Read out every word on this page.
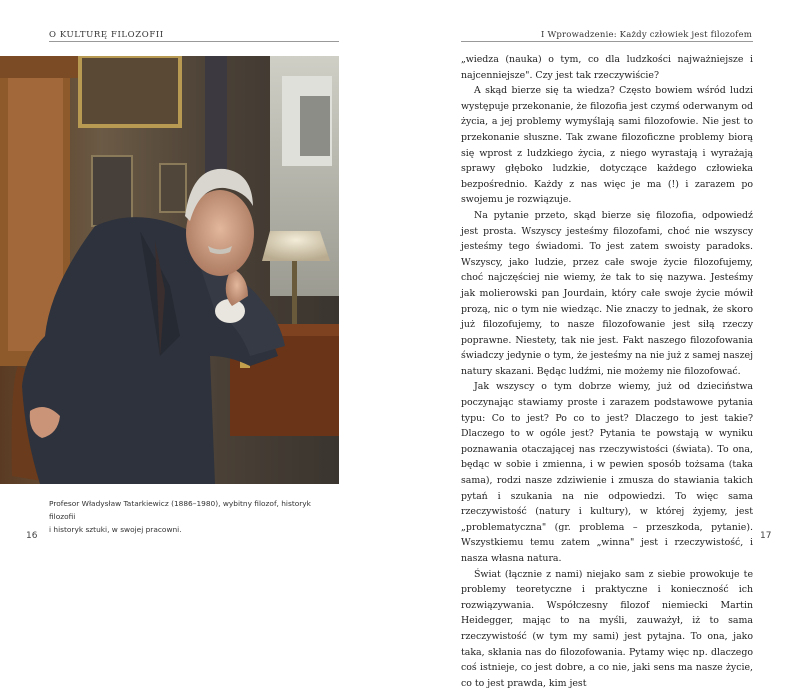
O KULTURĘ FILOZOFII
Profesor Władysław Tatarkiewicz (1886–1980), wybitny filozof, historyk filozofii
i historyk sztuki, w swojej pracowni.
16
I Wprowadzenie: Każdy człowiek jest filozofem

„wiedza (nauka) o tym, co dla ludzkości najważniejsze i najcenniejsze". Czy jest tak rzeczywiście?

A skąd bierze się ta wiedza? Często bowiem wśród ludzi występuje przekonanie, że filozofia jest czymś oderwanym od życia, a jej problemy wymyślają sami filozofowie. Nie jest to przekonanie słuszne. Tak zwane filozoficzne problemy biorą się wprost z ludzkiego życia, z niego wyrastają i wyrażają sprawy głęboko ludzkie, dotyczące każdego człowieka bezpośrednio. Każdy z nas więc je ma (!) i zarazem po swojemu je rozwiązuje.

Na pytanie przeto, skąd bierze się filozofia, odpowiedź jest prosta. Wszyscy jesteśmy filozofami, choć nie wszyscy jesteśmy tego świadomi. To jest zatem swoisty paradoks. Wszyscy, jako ludzie, przez całe swoje życie filozofujemy, choć najczęściej nie wiemy, że tak to się nazywa. Jesteśmy jak molierowski pan Jourdain, który całe swoje życie mówił prozą, nic o tym nie wiedząc. Nie znaczy to jednak, że skoro już filozofujemy, to nasze filozofowanie jest siłą rzeczy poprawne. Niestety, tak nie jest. Fakt naszego filozofowania świadczy jedynie o tym, że jesteśmy na nie już z samej naszej natury skazani. Będąc ludźmi, nie możemy nie filozofować.

Jak wszyscy o tym dobrze wiemy, już od dzieciństwa poczynając stawiamy proste i zarazem podstawowe pytania typu: Co to jest? Po co to jest? Dlaczego to jest takie? Dlaczego to w ogóle jest? Pytania te powstają w wyniku poznawania otaczającej nas rzeczywistości (świata). To ona, będąc w sobie i zmienna, i w pewien sposób tożsama (taka sama), rodzi nasze zdziwienie i zmusza do stawiania takich pytań i szukania na nie odpowiedzi. To więc sama rzeczywistość (natury i kultury), w której żyjemy, jest „problematyczna" (gr. problema – przeszkoda, pytanie). Wszystkiemu temu zatem „winna" jest i rzeczywistość, i nasza własna natura.

Świat (łącznie z nami) niejako sam z siebie prowokuje te problemy teoretyczne i praktyczne i konieczność ich rozwiązywania. Współczesny filozof niemiecki Martin Heidegger, mając to na myśli, zauważył, iż to sama rzeczywistość (w tym my sami) jest pytajna. To ona, jako taka, skłania nas do filozofowania. Pytamy więc np. dlaczego coś istnieje, co jest dobre, a co nie, jaki sens ma nasze życie, co to jest prawda, kim jest

17
